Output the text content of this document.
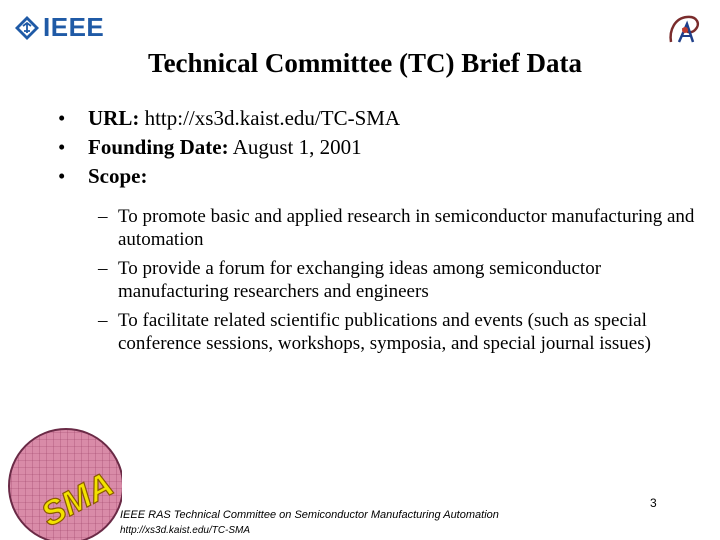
IEEE
Technical Committee (TC) Brief Data
• URL: http://xs3d.kaist.edu/TC-SMA
• Founding Date: August 1, 2001
• Scope:
– To promote basic and applied research in semiconductor manufacturing and automation
– To provide a forum for exchanging ideas among semiconductor manufacturing researchers and engineers
– To facilitate related scientific publications and events (such as special conference sessions, workshops, symposia, and special journal issues)
SMA IEEE RAS Technical Committee on Semiconductor Manufacturing Automation
http://xs3d.kaist.edu/TC-SMA
3
